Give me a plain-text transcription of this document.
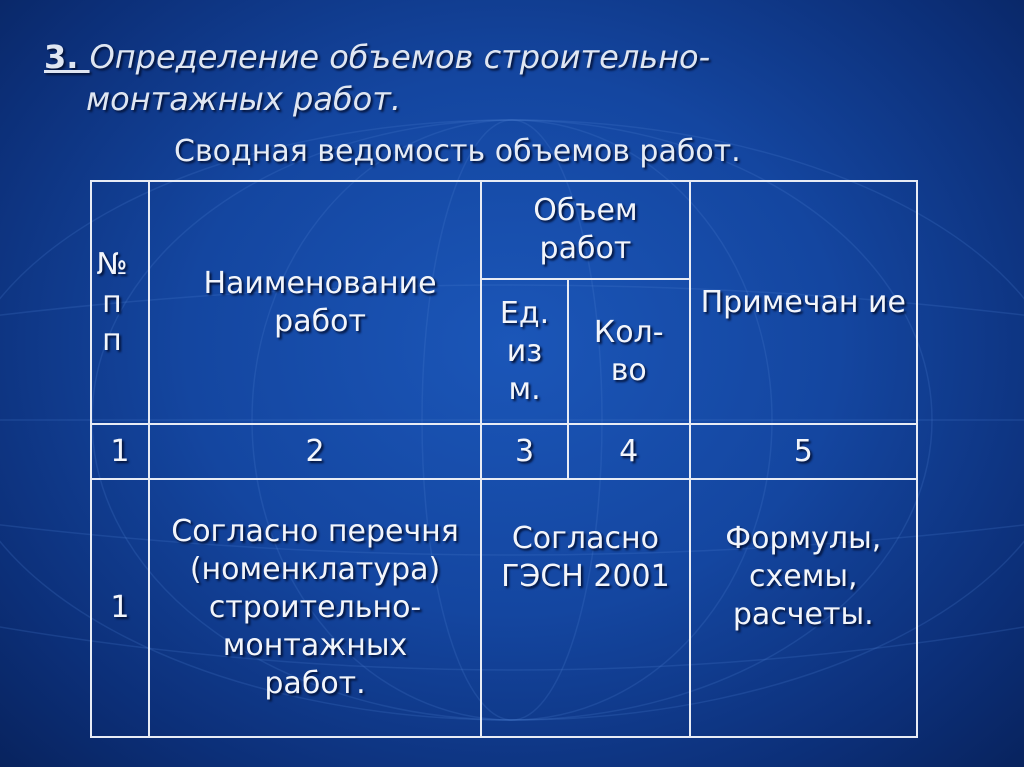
3. Определение объемов строительно-
монтажных работ.
Сводная ведомость объемов работ.
№ п п	Наименование работ	Объем работ		Примечан ие
		Ед. из м.	Кол-во	
1	2	3	4	5
1	Согласно перечня (номенклатура) строительно-монтажных работ.	Согласно ГЭСН 2001		Формулы, схемы, расчеты.
